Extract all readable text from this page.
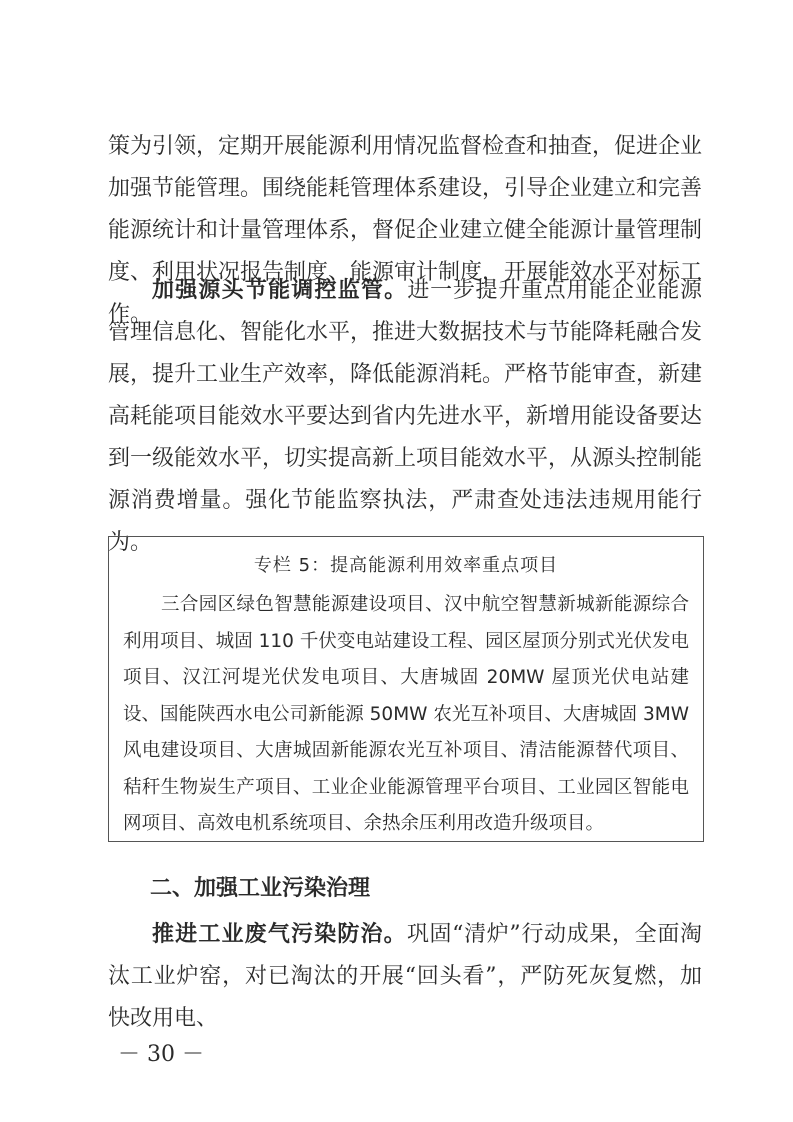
策为引领，定期开展能源利用情况监督检查和抽查，促进企业加强节能管理。围绕能耗管理体系建设，引导企业建立和完善能源统计和计量管理体系，督促企业建立健全能源计量管理制度、利用状况报告制度、能源审计制度，开展能效水平对标工作。

加强源头节能调控监管。进一步提升重点用能企业能源管理信息化、智能化水平，推进大数据技术与节能降耗融合发展，提升工业生产效率，降低能源消耗。严格节能审查，新建高耗能项目能效水平要达到省内先进水平，新增用能设备要达到一级能效水平，切实提高新上项目能效水平，从源头控制能源消费增量。强化节能监察执法，严肃查处违法违规用能行为。

专栏 5：提高能源利用效率重点项目

三合园区绿色智慧能源建设项目、汉中航空智慧新城新能源综合利用项目、城固 110 千伏变电站建设工程、园区屋顶分别式光伏发电项目、汉江河堤光伏发电项目、大唐城固 20MW 屋顶光伏电站建设、国能陕西水电公司新能源 50MW 农光互补项目、大唐城固 3MW 风电建设项目、大唐城固新能源农光互补项目、清洁能源替代项目、秸秆生物炭生产项目、工业企业能源管理平台项目、工业园区智能电网项目、高效电机系统项目、余热余压利用改造升级项目。

二、加强工业污染治理

推进工业废气污染防治。巩固“清炉”行动成果，全面淘汰工业炉窑，对已淘汰的开展“回头看”，严防死灰复燃，加快改用电、

－ 30 －
